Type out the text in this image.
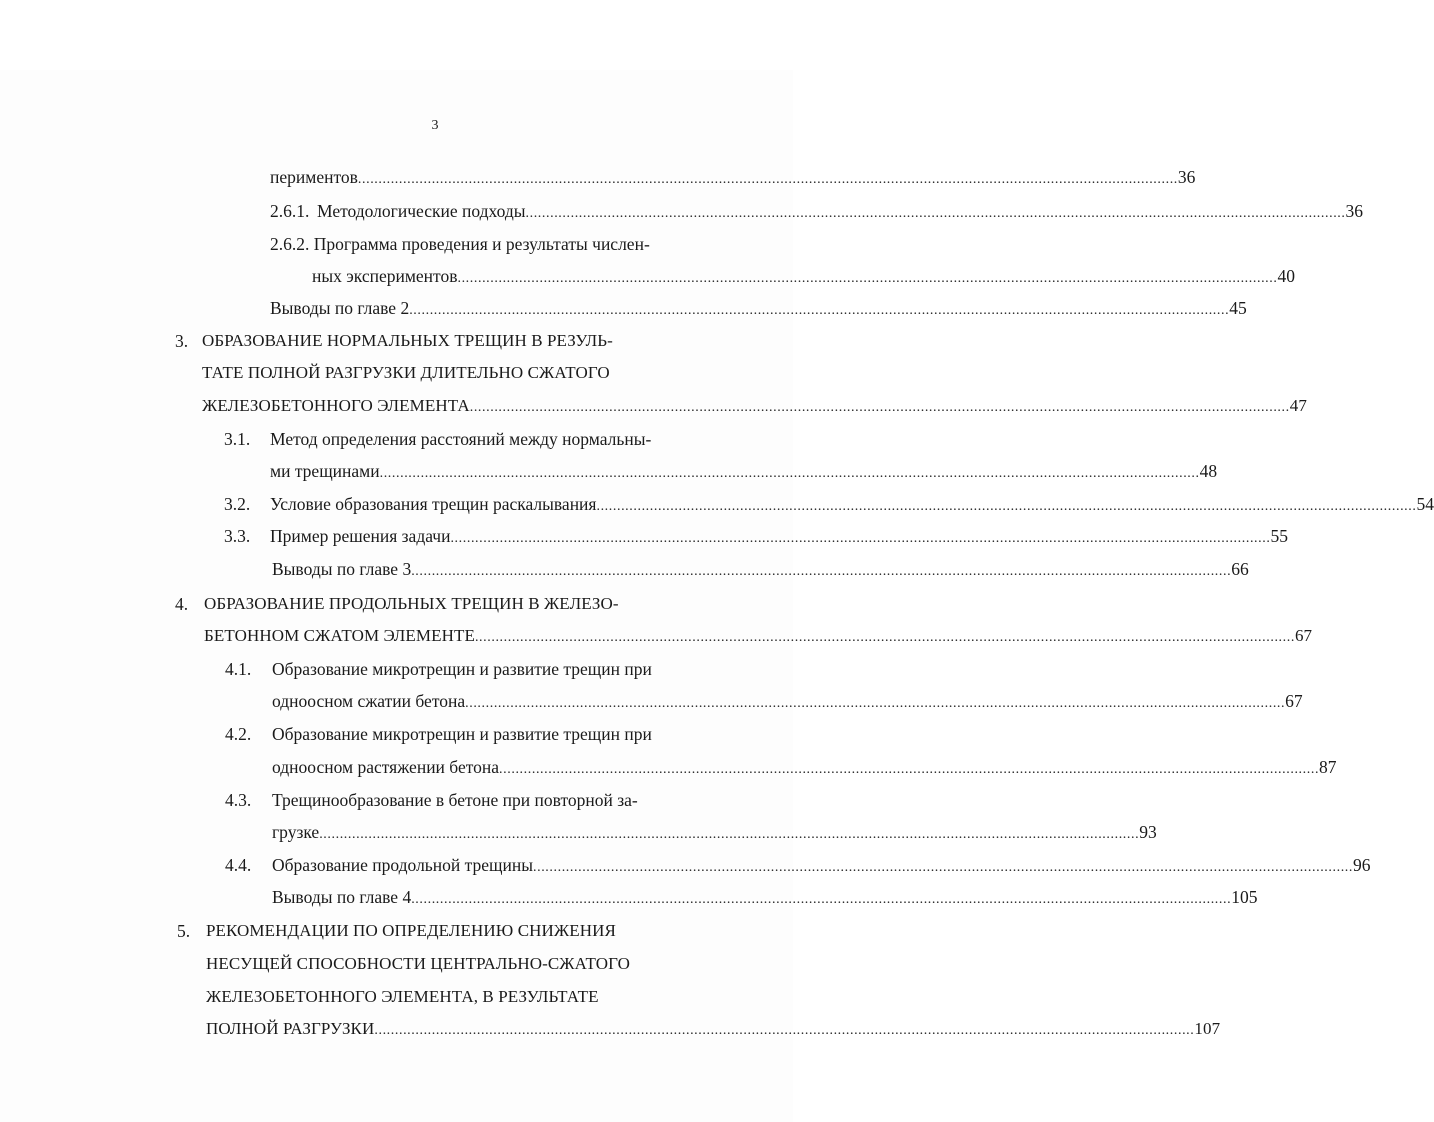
3
периментов ........................................................................................................................................................................................................ 36
2.6.1. Методологические подходы ........................................................................................................................................................................................................ 36
2.6.2. Программа проведения и результаты числен-
ных экспериментов ........................................................................................................................................................................................................ 40
Выводы по главе 2 ........................................................................................................................................................................................................ 45
3. ОБРАЗОВАНИЕ НОРМАЛЬНЫХ ТРЕЩИН В РЕЗУЛЬ-
ТАТЕ ПОЛНОЙ РАЗГРУЗКИ ДЛИТЕЛЬНО СЖАТОГО
ЖЕЛЕЗОБЕТОННОГО ЭЛЕМЕНТА ........................................................................................................................................................................................................ 47
3.1. Метод определения расстояний между нормальны-
ми трещинами ........................................................................................................................................................................................................ 48
3.2. Условие образования трещин раскалывания ........................................................................................................................................................................................................ 54
3.3. Пример решения задачи ........................................................................................................................................................................................................ 55
Выводы по главе 3 ........................................................................................................................................................................................................ 66
4. ОБРАЗОВАНИЕ ПРОДОЛЬНЫХ ТРЕЩИН В ЖЕЛЕЗО-
БЕТОННОМ СЖАТОМ ЭЛЕМЕНТЕ ........................................................................................................................................................................................................ 67
4.1. Образование микротрещин и развитие трещин при
одноосном сжатии бетона ........................................................................................................................................................................................................ 67
4.2. Образование микротрещин и развитие трещин при
одноосном растяжении бетона ........................................................................................................................................................................................................ 87
4.3. Трещинообразование в бетоне при повторной за-
грузке ........................................................................................................................................................................................................ 93
4.4. Образование продольной трещины ........................................................................................................................................................................................................ 96
Выводы по главе 4 ........................................................................................................................................................................................................ 105
5. РЕКОМЕНДАЦИИ ПО ОПРЕДЕЛЕНИЮ СНИЖЕНИЯ
НЕСУЩЕЙ СПОСОБНОСТИ ЦЕНТРАЛЬНО-СЖАТОГО
ЖЕЛЕЗОБЕТОННОГО ЭЛЕМЕНТА, В РЕЗУЛЬТАТЕ
ПОЛНОЙ РАЗГРУЗКИ ........................................................................................................................................................................................................ 107
